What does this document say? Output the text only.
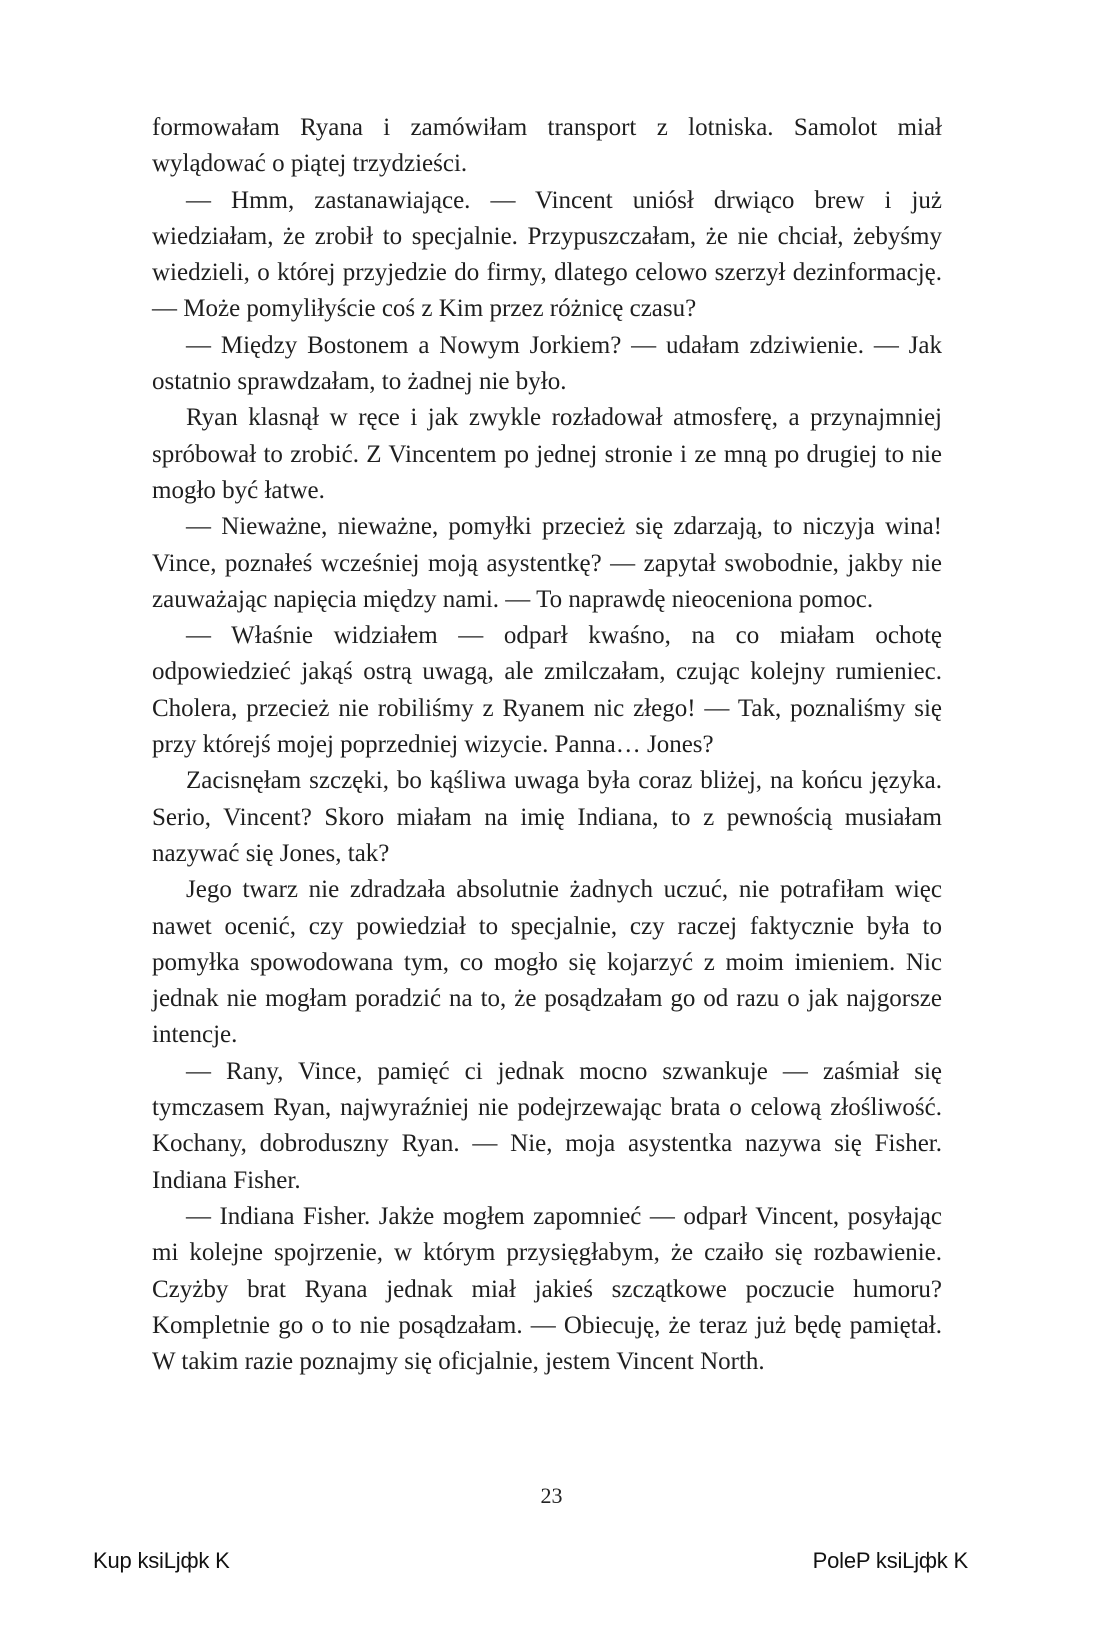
formowałam Ryana i zamówiłam transport z lotniska. Samolot miał wylądować o piątej trzydzieści.

— Hmm, zastanawiające. — Vincent uniósł drwiąco brew i już wiedziałam, że zrobił to specjalnie. Przypuszczałam, że nie chciał, żebyśmy wiedzieli, o której przyjedzie do firmy, dlatego celowo szerzył dezinformację. — Może pomyliłyście coś z Kim przez różnicę czasu?

— Między Bostonem a Nowym Jorkiem? — udałam zdziwienie. — Jak ostatnio sprawdzałam, to żadnej nie było.

Ryan klasnął w ręce i jak zwykle rozładował atmosferę, a przynajmniej spróbował to zrobić. Z Vincentem po jednej stronie i ze mną po drugiej to nie mogło być łatwe.

— Nieważne, nieważne, pomyłki przecież się zdarzają, to niczyja wina! Vince, poznałeś wcześniej moją asystentkę? — zapytał swobodnie, jakby nie zauważając napięcia między nami. — To naprawdę nieoceniona pomoc.

— Właśnie widziałem — odparł kwaśno, na co miałam ochotę odpowiedzieć jakąś ostrą uwagą, ale zmilczałam, czując kolejny rumieniec. Cholera, przecież nie robiliśmy z Ryanem nic złego! — Tak, poznaliśmy się przy którejś mojej poprzedniej wizycie. Panna… Jones?

Zacisnęłam szczęki, bo kąśliwa uwaga była coraz bliżej, na końcu języka. Serio, Vincent? Skoro miałam na imię Indiana, to z pewnością musiałam nazywać się Jones, tak?

Jego twarz nie zdradzała absolutnie żadnych uczuć, nie potrafiłam więc nawet ocenić, czy powiedział to specjalnie, czy raczej faktycznie była to pomyłka spowodowana tym, co mogło się kojarzyć z moim imieniem. Nic jednak nie mogłam poradzić na to, że posądzałam go od razu o jak najgorsze intencje.

— Rany, Vince, pamięć ci jednak mocno szwankuje — zaśmiał się tymczasem Ryan, najwyraźniej nie podejrzewając brata o celową złośliwość. Kochany, dobroduszny Ryan. — Nie, moja asystentka nazywa się Fisher. Indiana Fisher.

— Indiana Fisher. Jakże mogłem zapomnieć — odparł Vincent, posyłając mi kolejne spojrzenie, w którym przysięgłabym, że czaiło się rozbawienie. Czyżby brat Ryana jednak miał jakieś szczątkowe poczucie humoru? Kompletnie go o to nie posądzałam. — Obiecuję, że teraz już będę pamiętał. W takim razie poznajmy się oficjalnie, jestem Vincent North.

23
Kup ksiLjфk K	PoleP ksiLjфk K
